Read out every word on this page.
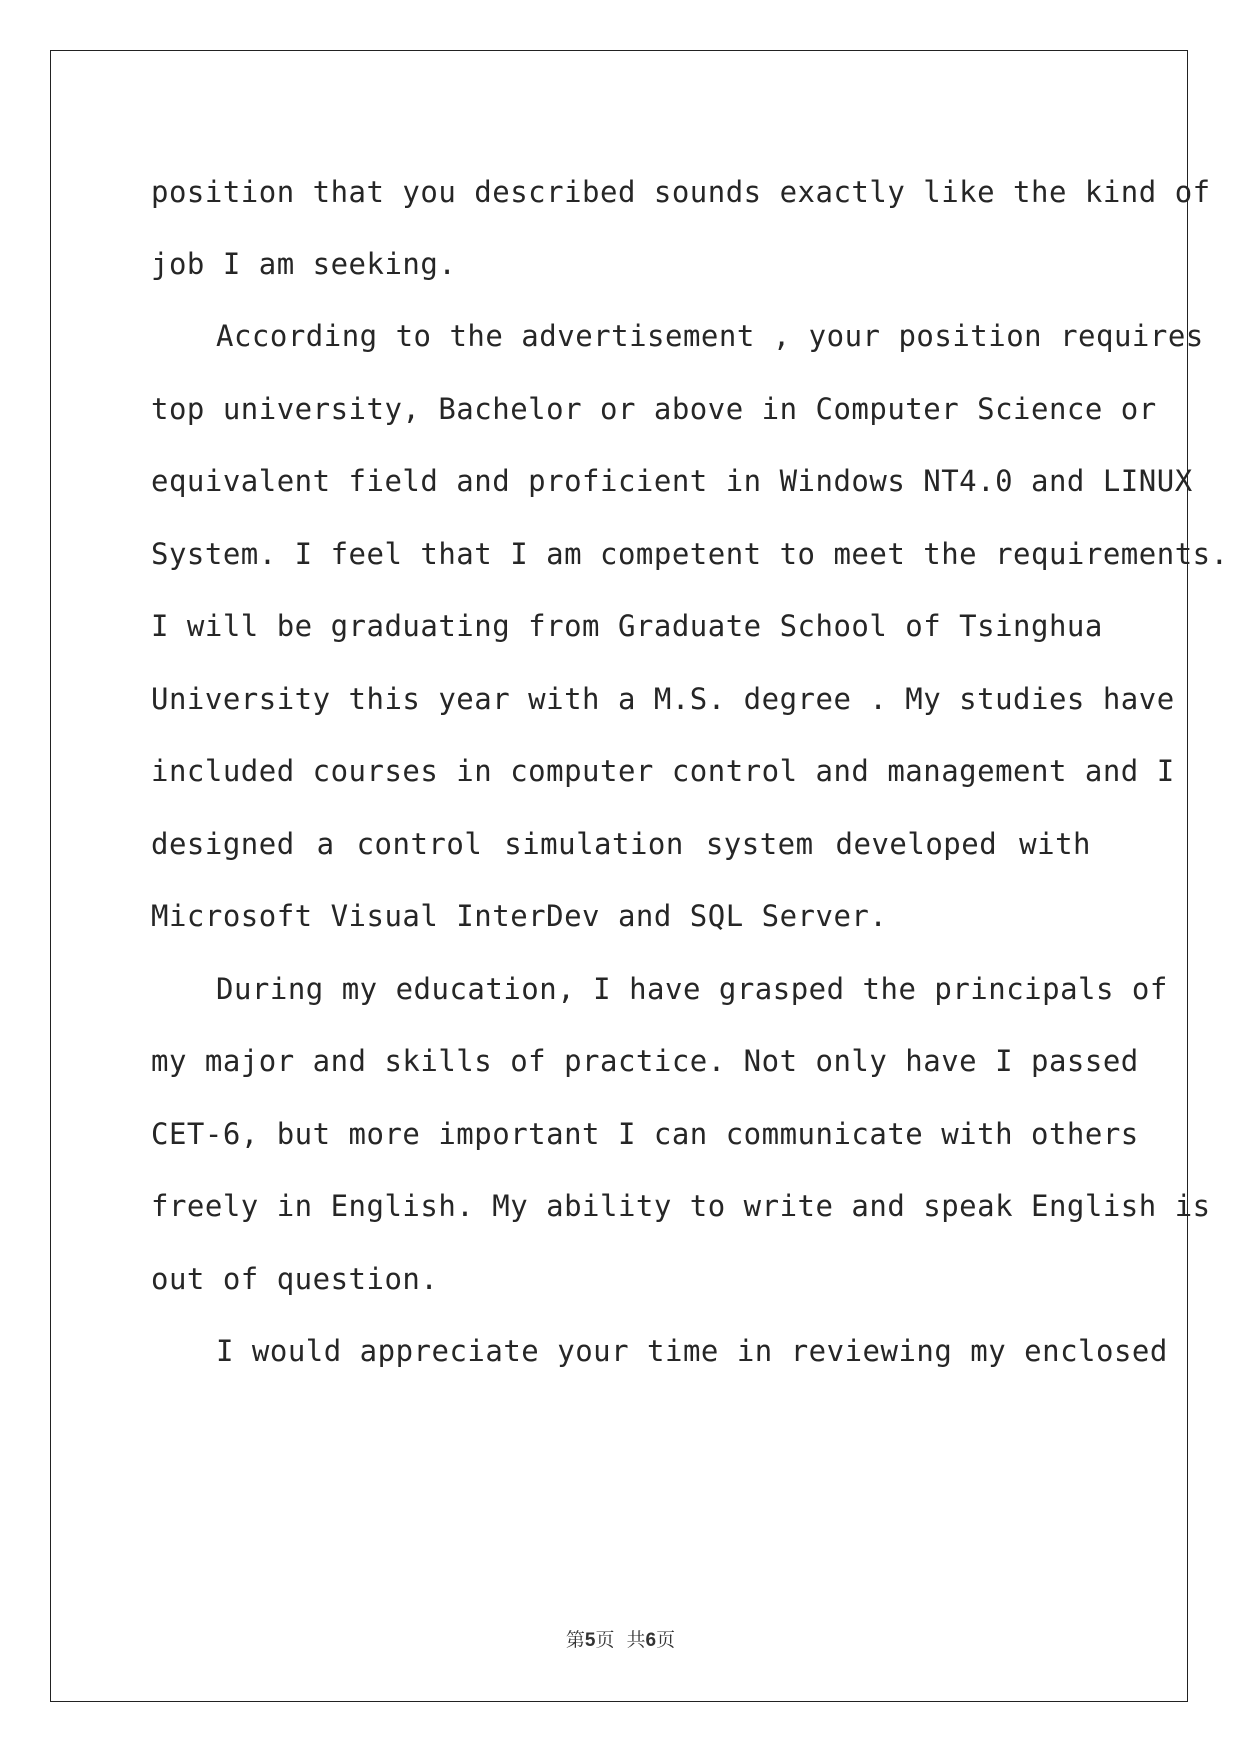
position that you described sounds exactly like the kind of
job I am seeking.
According to the advertisement , your position requires
top university, Bachelor or above in Computer Science or
equivalent field and proficient in Windows NT4.0 and LINUX
System. I feel that I am competent to meet the requirements.
I will be graduating from Graduate School of Tsinghua
University this year with a M.S. degree . My studies have
included courses in computer control and management and I
designed a control simulation system developed with
Microsoft Visual InterDev and SQL Server.
During my education, I have grasped the principals of
my major and skills of practice. Not only have I passed
CET-6, but more important I can communicate with others
freely in English. My ability to write and speak English is
out of question.
I would appreciate your time in reviewing my enclosed
第5页  共6页
